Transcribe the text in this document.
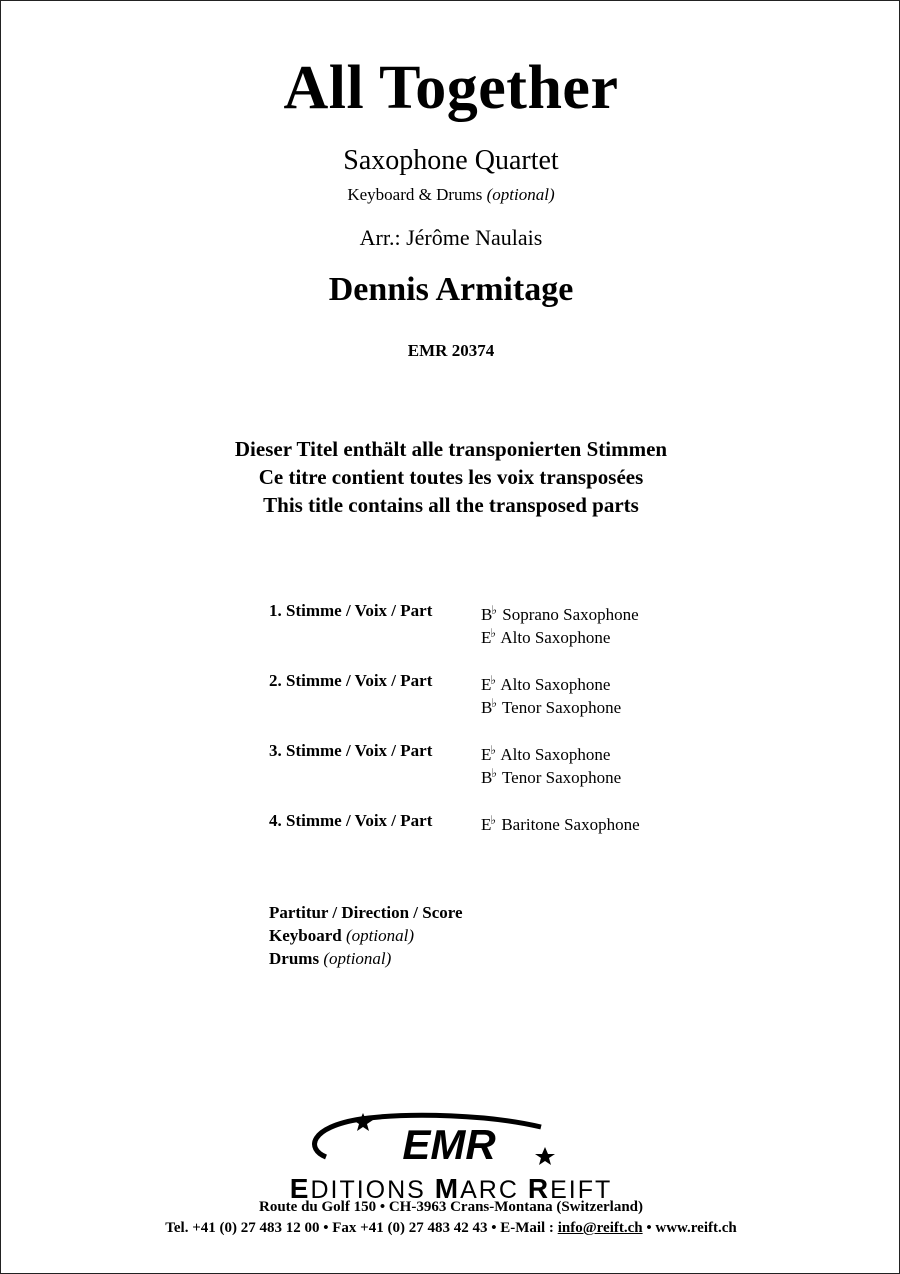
All Together
Saxophone Quartet
Keyboard & Drums (optional)
Arr.: Jérôme Naulais
Dennis Armitage
EMR 20374
Dieser Titel enthält alle transponierten Stimmen
Ce titre contient toutes les voix transposées
This title contains all the transposed parts
1. Stimme / Voix / Part	B♭ Soprano Saxophone
E♭ Alto Saxophone
2. Stimme / Voix / Part	E♭ Alto Saxophone
B♭ Tenor Saxophone
3. Stimme / Voix / Part	E♭ Alto Saxophone
B♭ Tenor Saxophone
4. Stimme / Voix / Part	E♭ Baritone Saxophone
Partitur / Direction / Score
Keyboard (optional)
Drums (optional)
EMR
EDITIONS MARC REIFT
Route du Golf 150 • CH-3963 Crans-Montana (Switzerland)
Tel. +41 (0) 27 483 12 00 • Fax +41 (0) 27 483 42 43 • E-Mail : info@reift.ch • www.reift.ch
